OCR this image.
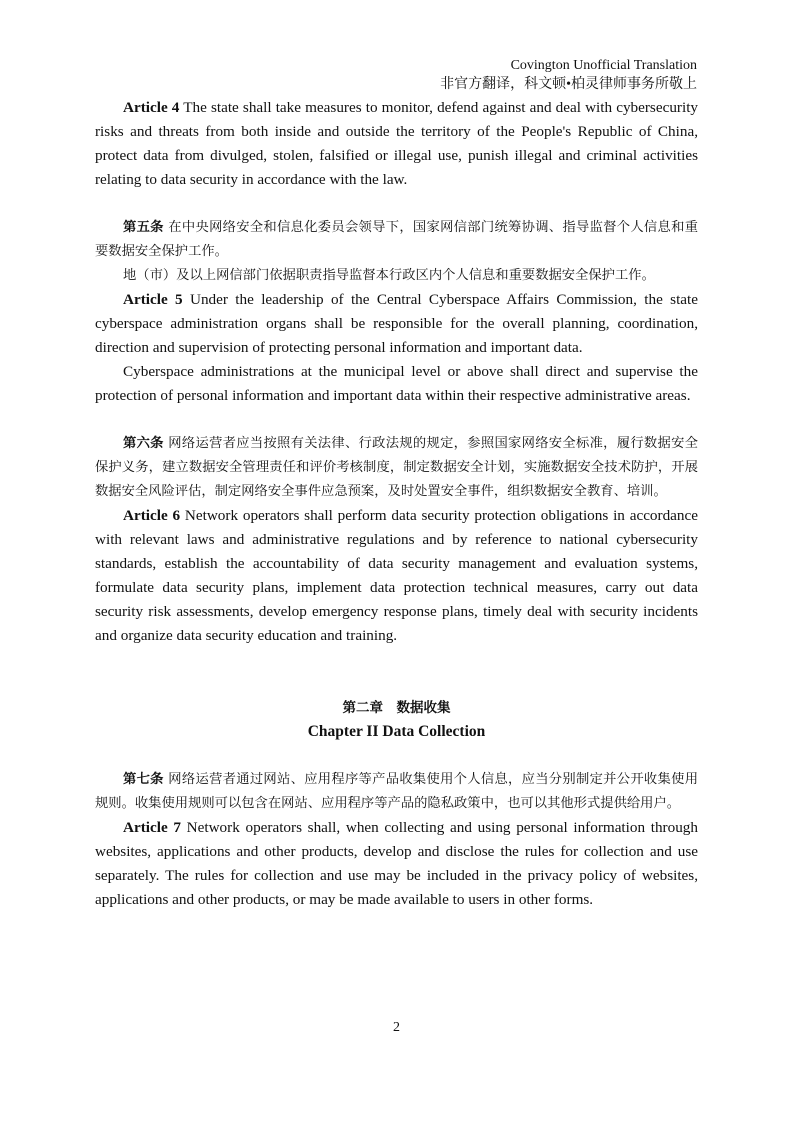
Covington Unofficial Translation
非官方翻译，科文顿•柏灵律师事务所敬上

Article 4 The state shall take measures to monitor, defend against and deal with cybersecurity risks and threats from both inside and outside the territory of the People's Republic of China, protect data from divulged, stolen, falsified or illegal use, punish illegal and criminal activities relating to data security in accordance with the law.

第五条 在中央网络安全和信息化委员会领导下，国家网信部门统筹协调、指导监督个人信息和重要数据安全保护工作。

地（市）及以上网信部门依据职责指导监督本行政区内个人信息和重要数据安全保护工作。

Article 5 Under the leadership of the Central Cyberspace Affairs Commission, the state cyberspace administration organs shall be responsible for the overall planning, coordination, direction and supervision of protecting personal information and important data.

Cyberspace administrations at the municipal level or above shall direct and supervise the protection of personal information and important data within their respective administrative areas.

第六条 网络运营者应当按照有关法律、行政法规的规定，参照国家网络安全标准，履行数据安全保护义务，建立数据安全管理责任和评价考核制度，制定数据安全计划，实施数据安全技术防护，开展数据安全风险评估，制定网络安全事件应急预案，及时处置安全事件，组织数据安全教育、培训。

Article 6 Network operators shall perform data security protection obligations in accordance with relevant laws and administrative regulations and by reference to national cybersecurity standards, establish the accountability of data security management and evaluation systems, formulate data security plans, implement data protection technical measures, carry out data security risk assessments, develop emergency response plans, timely deal with security incidents and organize data security education and training.

第二章　数据收集

Chapter II Data Collection

第七条 网络运营者通过网站、应用程序等产品收集使用个人信息，应当分别制定并公开收集使用规则。收集使用规则可以包含在网站、应用程序等产品的隐私政策中，也可以其他形式提供给用户。

Article 7 Network operators shall, when collecting and using personal information through websites, applications and other products, develop and disclose the rules for collection and use separately. The rules for collection and use may be included in the privacy policy of websites, applications and other products, or may be made available to users in other forms.

2
